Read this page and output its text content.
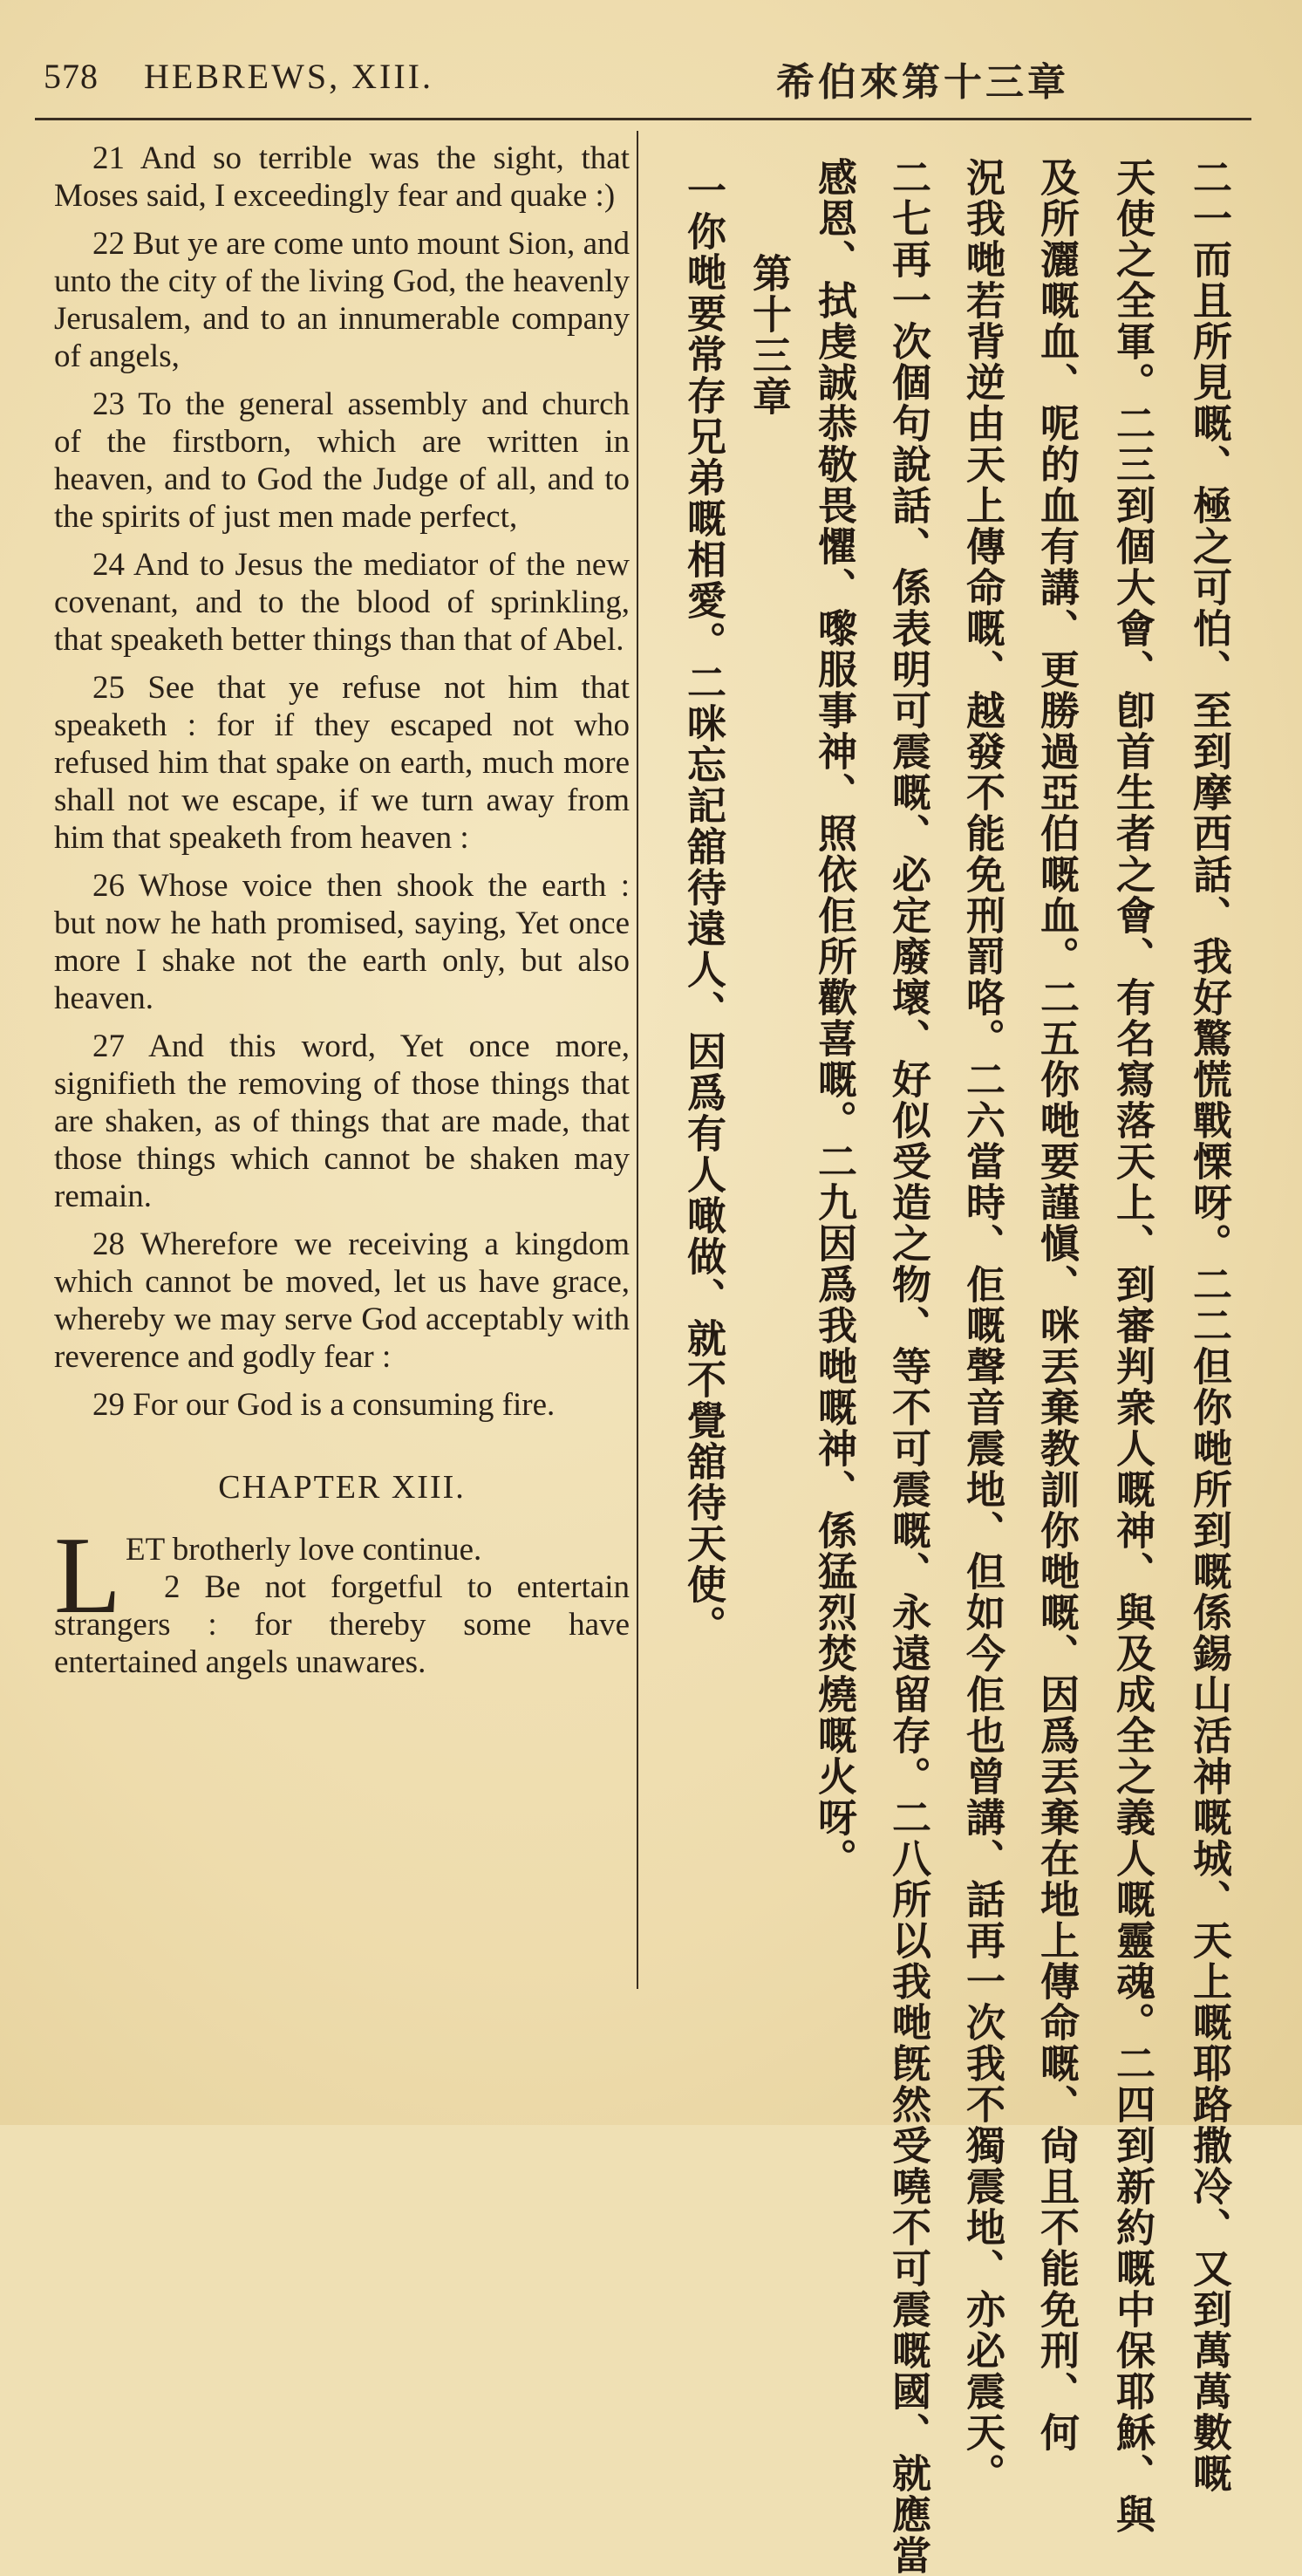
578 HEBREWS, XIII.	希伯來第十三章

21 And so terrible was the sight, that Moses said, I exceedingly fear and quake :)

22 But ye are come unto mount Sion, and unto the city of the living God, the heavenly Jerusalem, and to an innumerable company of angels,

23 To the general assembly and church of the firstborn, which are written in heaven, and to God the Judge of all, and to the spirits of just men made perfect,

24 And to Jesus the mediator of the new covenant, and to the blood of sprinkling, that speaketh better things than that of Abel.

25 See that ye refuse not him that speaketh : for if they escaped not who refused him that spake on earth, much more shall not we escape, if we turn away from him that speaketh from heaven :

26 Whose voice then shook the earth : but now he hath promised, saying, Yet once more I shake not the earth only, but also heaven.

27 And this word, Yet once more, signifieth the removing of those things that are shaken, as of things that are made, that those things which cannot be shaken may remain.

28 Wherefore we receiving a kingdom which cannot be moved, let us have grace, whereby we may serve God acceptably with reverence and godly fear :

29 For our God is a consuming fire.

CHAPTER XIII.
L ET brotherly love continue.

2 Be not forgetful to entertain strangers : for thereby some have entertained angels unawares.	二一而且所見嘅、極之可怕、至到摩西話、我好驚慌戰慄呀。二二但你哋所到嘅係錫山活神嘅城、天上嘅耶路撒冷、又到萬萬數嘅
天使之全軍。二三到個大會、卽首生者之會、有名寫落天上、到審判衆人嘅神、與及成全之義人嘅靈魂。二四到新約嘅中保耶穌、與
及所灑嘅血、呢的血有講、更勝過亞伯嘅血。二五你哋要謹愼、咪丟棄教訓你哋嘅、因爲丟棄在地上傳命嘅、尙且不能免刑、何
況我哋若背逆由天上傳命嘅、越發不能免刑罰咯。二六當時、佢嘅聲音震地、但如今佢也曾講、話再一次我不獨震地、亦必震天。
二七再一次個句說話、係表明可震嘅、必定廢壞、好似受造之物、等不可震嘅、永遠留存。二八所以我哋旣然受嘵不可震嘅國、就應當
感恩、拭虔誠恭敬畏懼、嚟服事神、照依佢所歡喜嘅。二九因爲我哋嘅神、係猛烈焚燒嘅火呀。
第十三章
一你哋要常存兄弟嘅相愛。二咪忘記舘待遠人、因爲有人噉做、就不覺舘待天使。
